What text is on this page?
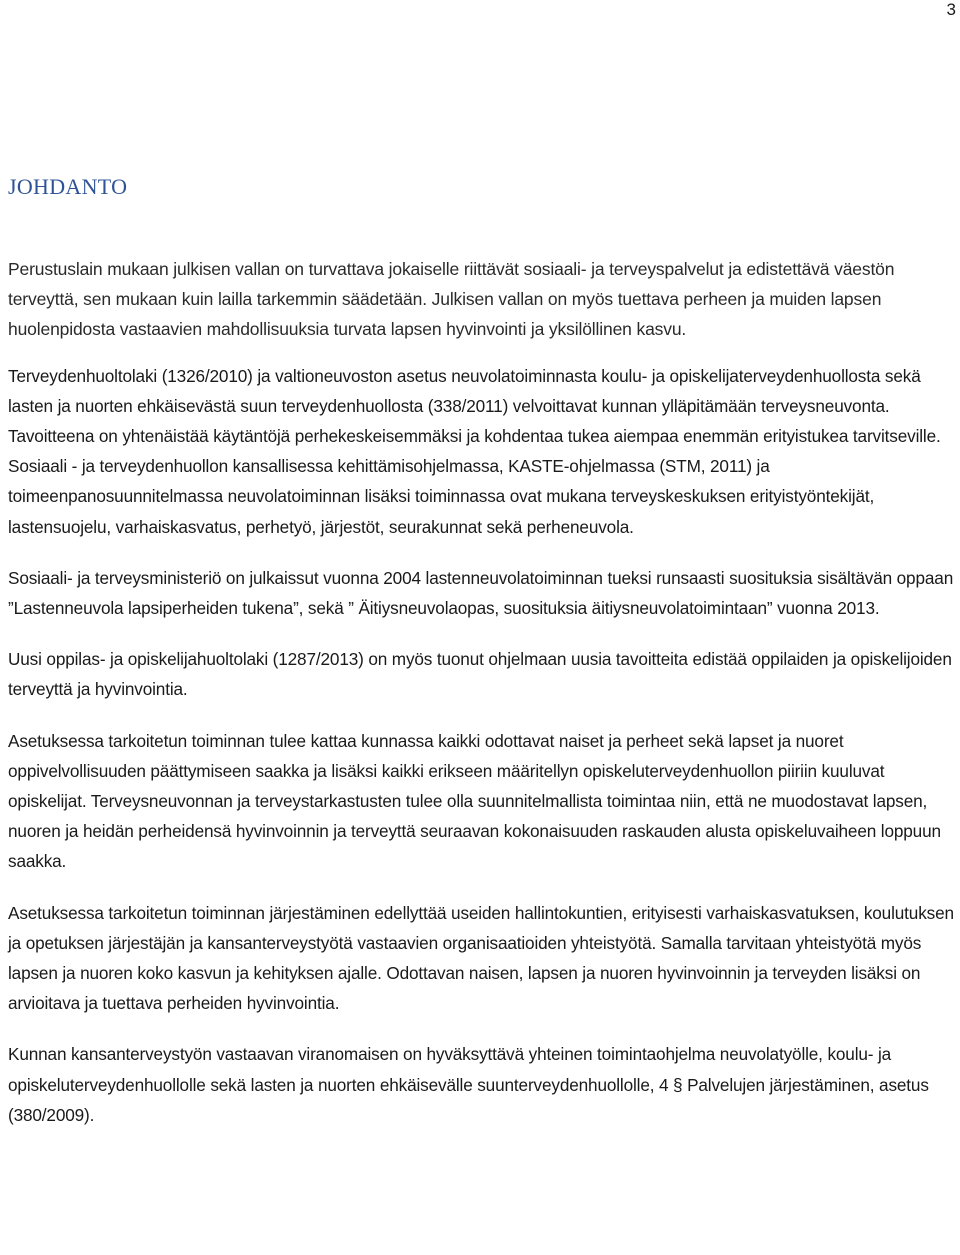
3
JOHDANTO

Perustuslain mukaan julkisen vallan on turvattava jokaiselle riittävät sosiaali- ja terveyspalvelut ja edistettävä väestön terveyttä, sen mukaan kuin lailla tarkemmin säädetään. Julkisen vallan on myös tuettava perheen ja muiden lapsen huolenpidosta vastaavien mahdollisuuksia turvata lapsen hyvinvointi ja yksilöllinen kasvu.

Terveydenhuoltolaki (1326/2010) ja valtioneuvoston asetus neuvolatoiminnasta koulu- ja opiskelijaterveydenhuollosta sekä lasten ja nuorten ehkäisevästä suun terveydenhuollosta (338/2011) velvoittavat kunnan ylläpitämään terveysneuvonta. Tavoitteena on yhtenäistää käytäntöjä perhekeskeisemmäksi ja kohdentaa tukea aiempaa enemmän erityistukea tarvitseville. Sosiaali - ja terveydenhuollon kansallisessa kehittämisohjelmassa, KASTE-ohjelmassa (STM, 2011) ja toimeenpanosuunnitelmassa neuvolatoiminnan lisäksi toiminnassa ovat mukana terveyskeskuksen erityistyöntekijät, lastensuojelu, varhaiskasvatus, perhetyö, järjestöt, seurakunnat sekä perheneuvola.

Sosiaali- ja terveysministeriö on julkaissut vuonna 2004 lastenneuvolatoiminnan tueksi runsaasti suosituksia sisältävän oppaan ”Lastenneuvola lapsiperheiden tukena”, sekä ” Äitiysneuvolaopas, suosituksia äitiysneuvolatoimintaan” vuonna 2013.

Uusi oppilas- ja opiskelijahuoltolaki (1287/2013) on myös tuonut ohjelmaan uusia tavoitteita edistää oppilaiden ja opiskelijoiden terveyttä ja hyvinvointia.

Asetuksessa tarkoitetun toiminnan tulee kattaa kunnassa kaikki odottavat naiset ja perheet sekä lapset ja nuoret oppivelvollisuuden päättymiseen saakka ja lisäksi kaikki erikseen määritellyn opiskeluterveydenhuollon piiriin kuuluvat opiskelijat. Terveysneuvonnan ja terveystarkastusten tulee olla suunnitelmallista toimintaa niin, että ne muodostavat lapsen, nuoren ja heidän perheidensä hyvinvoinnin ja terveyttä seuraavan kokonaisuuden raskauden alusta opiskeluvaiheen loppuun saakka.

Asetuksessa tarkoitetun toiminnan järjestäminen edellyttää useiden hallintokuntien, erityisesti varhaiskasvatuksen, koulutuksen ja opetuksen järjestäjän ja kansanterveystyötä vastaavien organisaatioiden yhteistyötä. Samalla tarvitaan yhteistyötä myös lapsen ja nuoren koko kasvun ja kehityksen ajalle. Odottavan naisen, lapsen ja nuoren hyvinvoinnin ja terveyden lisäksi on arvioitava ja tuettava perheiden hyvinvointia.

Kunnan kansanterveystyön vastaavan viranomaisen on hyväksyttävä yhteinen toimintaohjelma neuvolatyölle, koulu- ja opiskeluterveydenhuollolle sekä lasten ja nuorten ehkäisevälle suunterveydenhuollolle, 4 § Palvelujen järjestäminen, asetus (380/2009).
